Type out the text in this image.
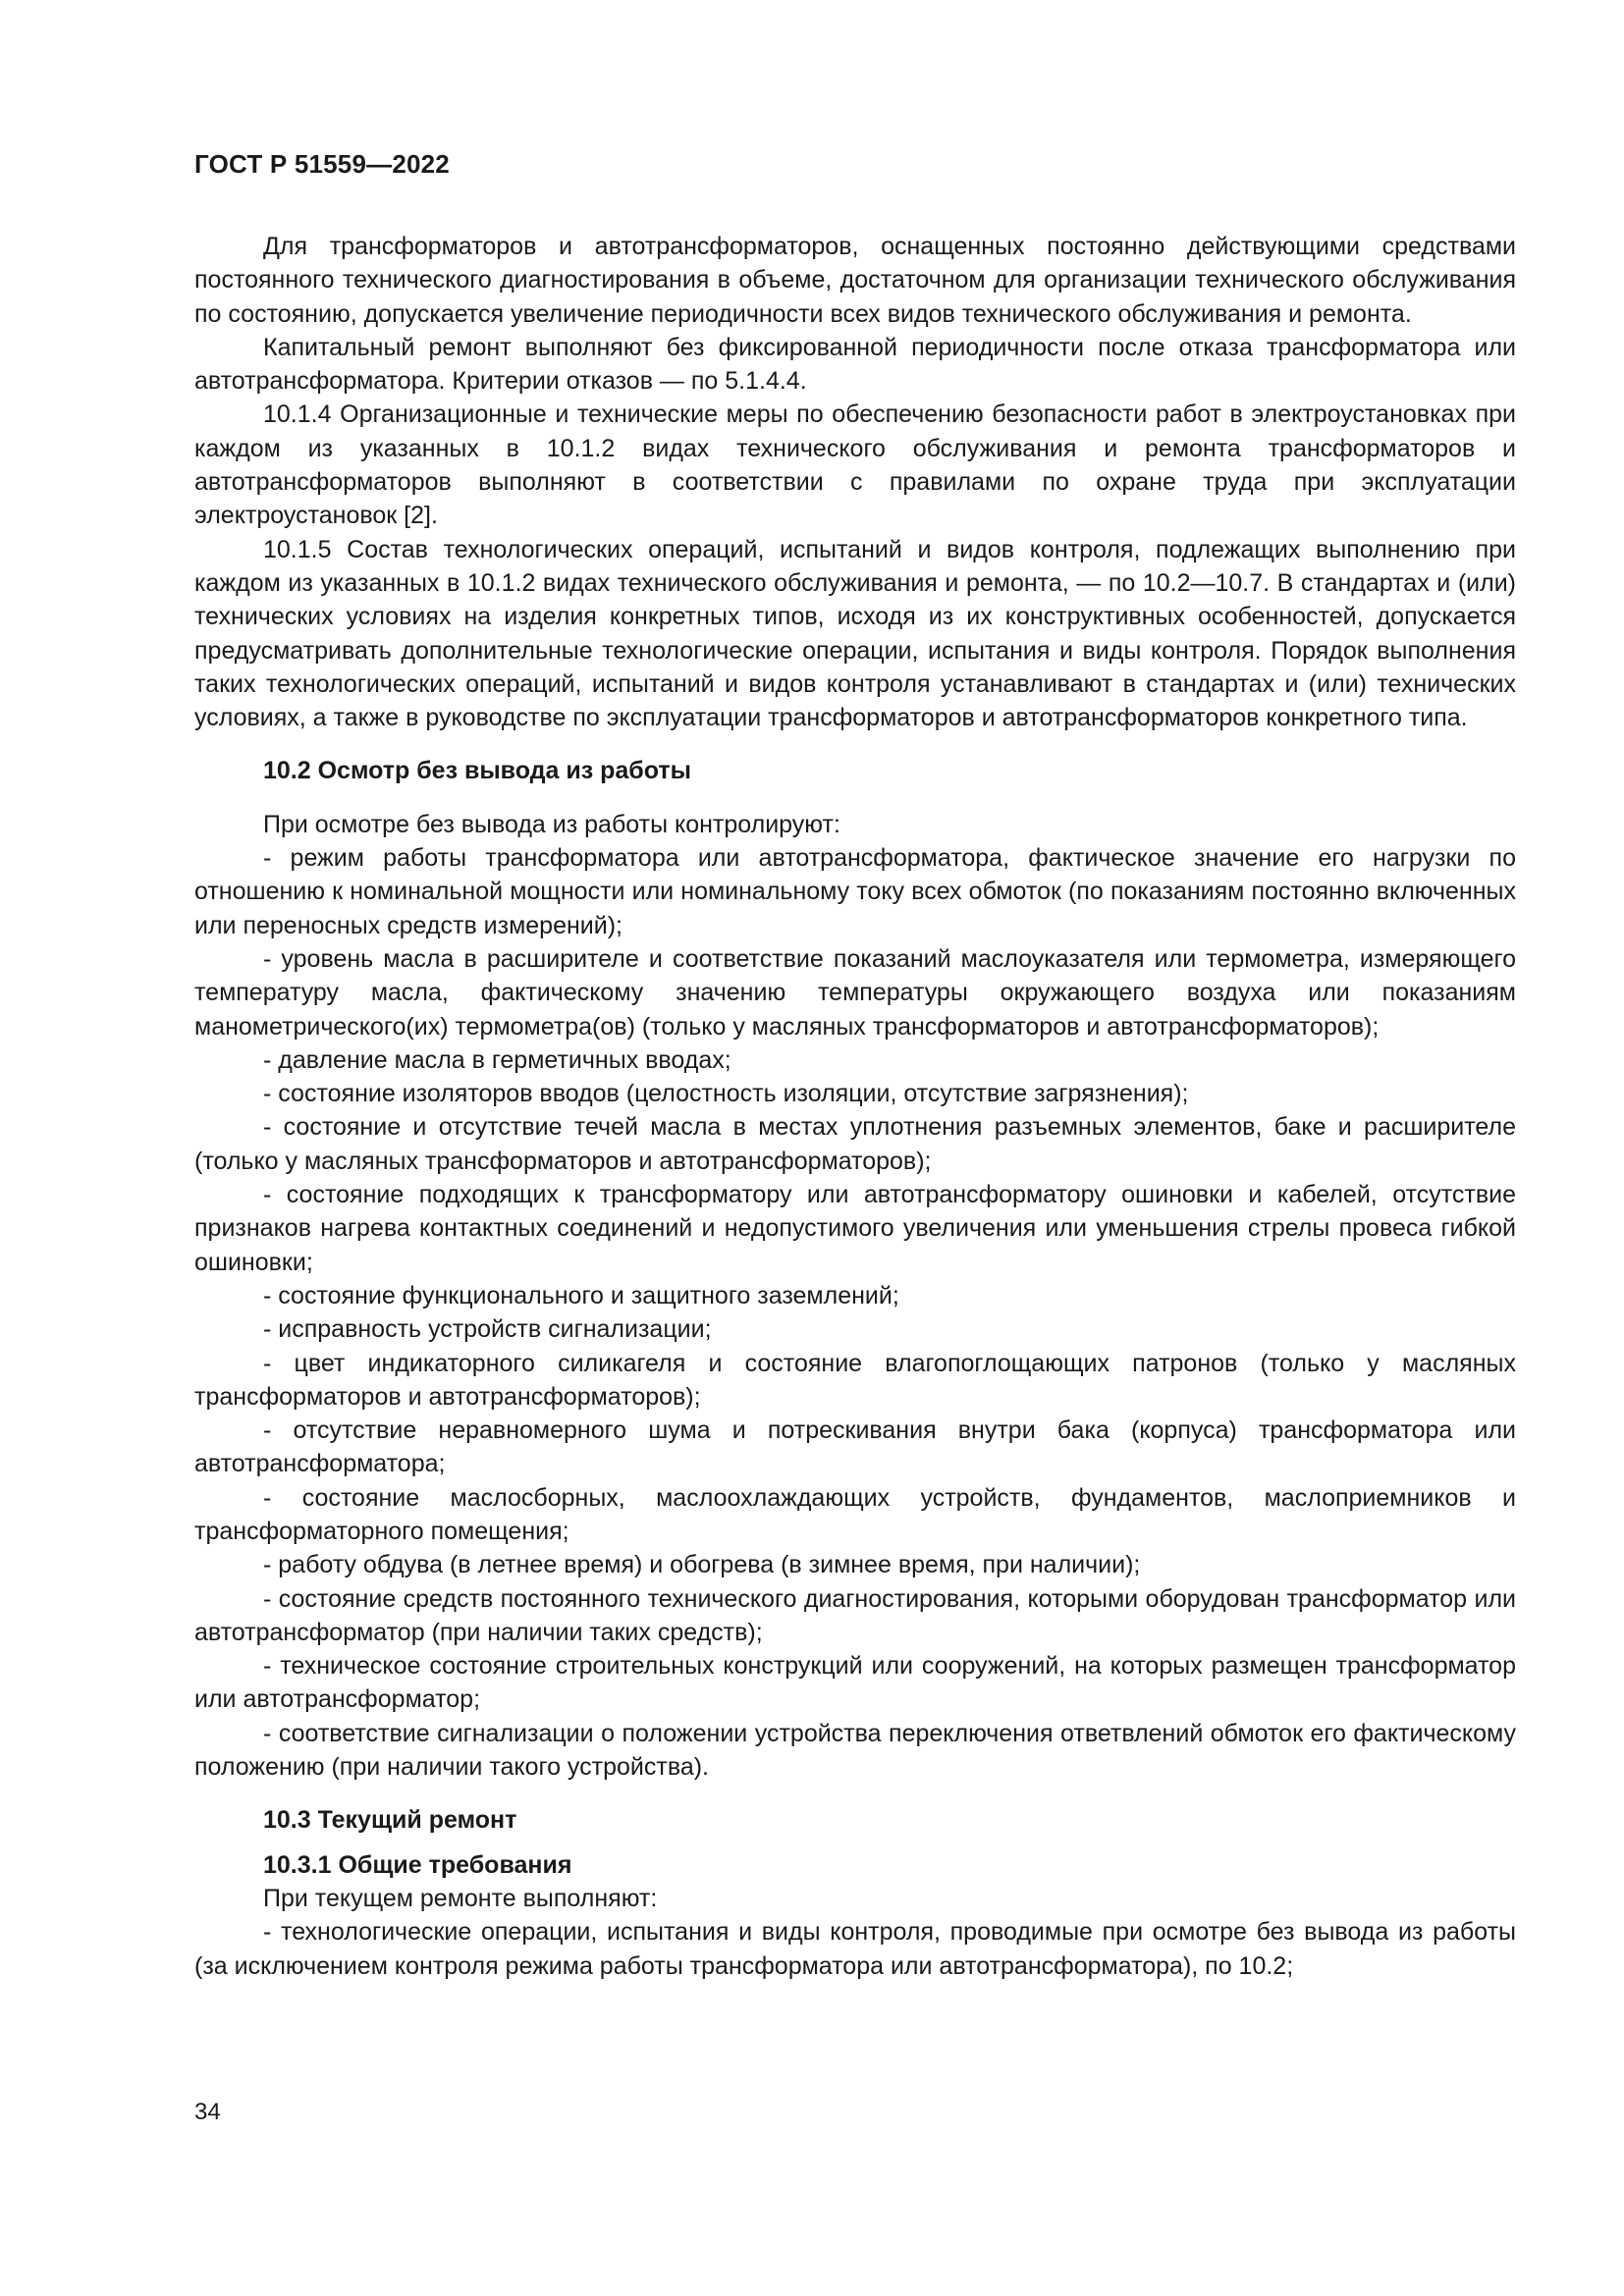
ГОСТ Р 51559—2022

Для трансформаторов и автотрансформаторов, оснащенных постоянно действующими средствами постоянного технического диагностирования в объеме, достаточном для организации технического обслуживания по состоянию, допускается увеличение периодичности всех видов технического обслуживания и ремонта.

Капитальный ремонт выполняют без фиксированной периодичности после отказа трансформатора или автотрансформатора. Критерии отказов — по 5.1.4.4.

10.1.4 Организационные и технические меры по обеспечению безопасности работ в электроустановках при каждом из указанных в 10.1.2 видах технического обслуживания и ремонта трансформаторов и автотрансформаторов выполняют в соответствии с правилами по охране труда при эксплуатации электроустановок [2].

10.1.5 Состав технологических операций, испытаний и видов контроля, подлежащих выполнению при каждом из указанных в 10.1.2 видах технического обслуживания и ремонта, — по 10.2—10.7. В стандартах и (или) технических условиях на изделия конкретных типов, исходя из их конструктивных особенностей, допускается предусматривать дополнительные технологические операции, испытания и виды контроля. Порядок выполнения таких технологических операций, испытаний и видов контроля устанавливают в стандартах и (или) технических условиях, а также в руководстве по эксплуатации трансформаторов и автотрансформаторов конкретного типа.

10.2 Осмотр без вывода из работы

При осмотре без вывода из работы контролируют:

- режим работы трансформатора или автотрансформатора, фактическое значение его нагрузки по отношению к номинальной мощности или номинальному току всех обмоток (по показаниям постоянно включенных или переносных средств измерений);

- уровень масла в расширителе и соответствие показаний маслоуказателя или термометра, измеряющего температуру масла, фактическому значению температуры окружающего воздуха или показаниям манометрического(их) термометра(ов) (только у масляных трансформаторов и автотрансформаторов);

- давление масла в герметичных вводах;

- состояние изоляторов вводов (целостность изоляции, отсутствие загрязнения);

- состояние и отсутствие течей масла в местах уплотнения разъемных элементов, баке и расширителе (только у масляных трансформаторов и автотрансформаторов);

- состояние подходящих к трансформатору или автотрансформатору ошиновки и кабелей, отсутствие признаков нагрева контактных соединений и недопустимого увеличения или уменьшения стрелы провеса гибкой ошиновки;

- состояние функционального и защитного заземлений;

- исправность устройств сигнализации;

- цвет индикаторного силикагеля и состояние влагопоглощающих патронов (только у масляных трансформаторов и автотрансформаторов);

- отсутствие неравномерного шума и потрескивания внутри бака (корпуса) трансформатора или автотрансформатора;

- состояние маслосборных, маслоохлаждающих устройств, фундаментов, маслоприемников и трансформаторного помещения;

- работу обдува (в летнее время) и обогрева (в зимнее время, при наличии);

- состояние средств постоянного технического диагностирования, которыми оборудован трансформатор или автотрансформатор (при наличии таких средств);

- техническое состояние строительных конструкций или сооружений, на которых размещен трансформатор или автотрансформатор;

- соответствие сигнализации о положении устройства переключения ответвлений обмоток его фактическому положению (при наличии такого устройства).

10.3 Текущий ремонт
10.3.1 Общие требования

При текущем ремонте выполняют:

- технологические операции, испытания и виды контроля, проводимые при осмотре без вывода из работы (за исключением контроля режима работы трансформатора или автотрансформатора), по 10.2;

34
